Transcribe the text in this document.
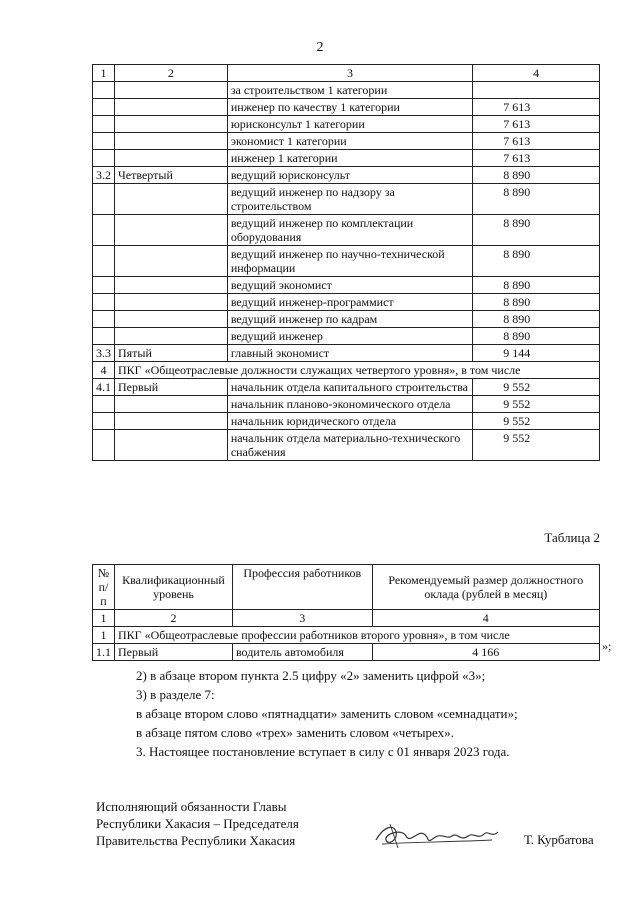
2
1	2	3	4
		за строительством 1 категории	
		инженер по качеству 1 категории	7 613
		юрисконсульт 1 категории	7 613
		экономист 1 категории	7 613
		инженер 1 категории	7 613
3.2	Четвертый	ведущий юрисконсульт	8 890
		ведущий инженер по надзору за строительством	8 890
		ведущий инженер по комплектации оборудования	8 890
		ведущий инженер по научно-технической информации	8 890
		ведущий экономист	8 890
		ведущий инженер-программист	8 890
		ведущий инженер по кадрам	8 890
		ведущий инженер	8 890
3.3	Пятый	главный экономист	9 144
4	ПКГ «Общеотраслевые должности служащих четвертого уровня», в том числе		
4.1	Первый	начальник отдела капитального строительства	9 552
		начальник планово-экономического отдела	9 552
		начальник юридического отдела	9 552
		начальник отдела материально-технического снабжения	9 552
Таблица 2
№ п/п	Квалификационный уровень	Профессия работников	Рекомендуемый размер должностного оклада (рублей в месяц)
1	2	3	4
1	ПКГ «Общеотраслевые профессии работников второго уровня», в том числе		
1.1	Первый	водитель автомобиля	4 166	»;

2) в абзаце втором пункта 2.5 цифру «2» заменить цифрой «3»;

3) в разделе 7:

в абзаце втором слово «пятнадцати» заменить словом «семнадцати»;

в абзаце пятом слово «трех» заменить словом «четырех».

3. Настоящее постановление вступает в силу с 01 января 2023 года.

Исполняющий обязанности Главы

Республики Хакасия – Председателя

Правительства Республики Хакасия	Т. Курбатова
